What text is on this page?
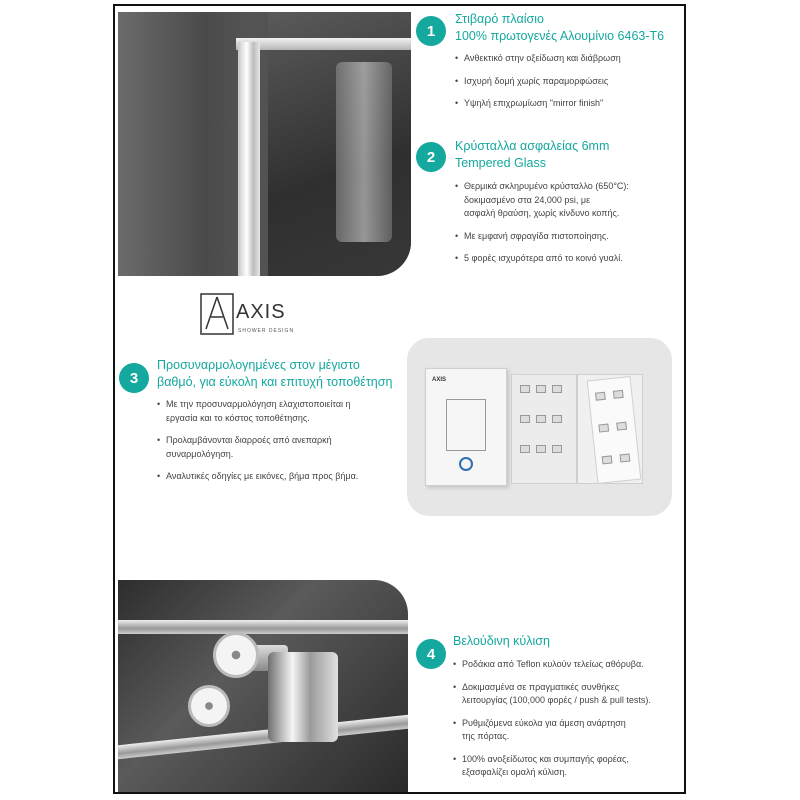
1
Στιβαρό πλαίσιο
100% πρωτογενές Αλουμίνιο 6463-T6
• Ανθεκτικό στην οξείδωση και διάβρωση
• Ισχυρή δομή χωρίς παραμορφώσεις
• Υψηλή επιχρωμίωση "mirror finish"
2
Κρύσταλλα ασφαλείας 6mm
Tempered Glass
• Θερμικά σκληρυμένο κρύσταλλο (650°C):
δοκιμασμένο στα 24,000 psi, με
ασφαλή θραύση, χωρίς κίνδυνο κοπής.
• Με εμφανή σφραγίδα πιστοποίησης.
• 5 φορές ισχυρότερα από το κοινό γυαλί.
AXIS
SHOWER DESIGN
3
Προσυναρμολογημένες στον μέγιστο
βαθμό, για εύκολη και επιτυχή τοποθέτηση
• Με την προσυναρμολόγηση ελαχιστοποιείται η
εργασία και το κόστος τοποθέτησης.
• Προλαμβάνονται διαρροές από ανεπαρκή
συναρμολόγηση.
• Αναλυτικές οδηγίες με εικόνες, βήμα προς βήμα.
AXIS
4
Βελούδινη κύλιση
• Ροδάκια από Teflon κυλούν τελείως αθόρυβα.
• Δοκιμασμένα σε πραγματικές συνθήκες
λειτουργίας (100,000 φορές / push & pull tests).
• Ρυθμιζόμενα εύκολα για άμεση ανάρτηση
της πόρτας.
• 100% ανοξείδωτος και συμπαγής φορέας,
εξασφαλίζει ομαλή κύλιση.
